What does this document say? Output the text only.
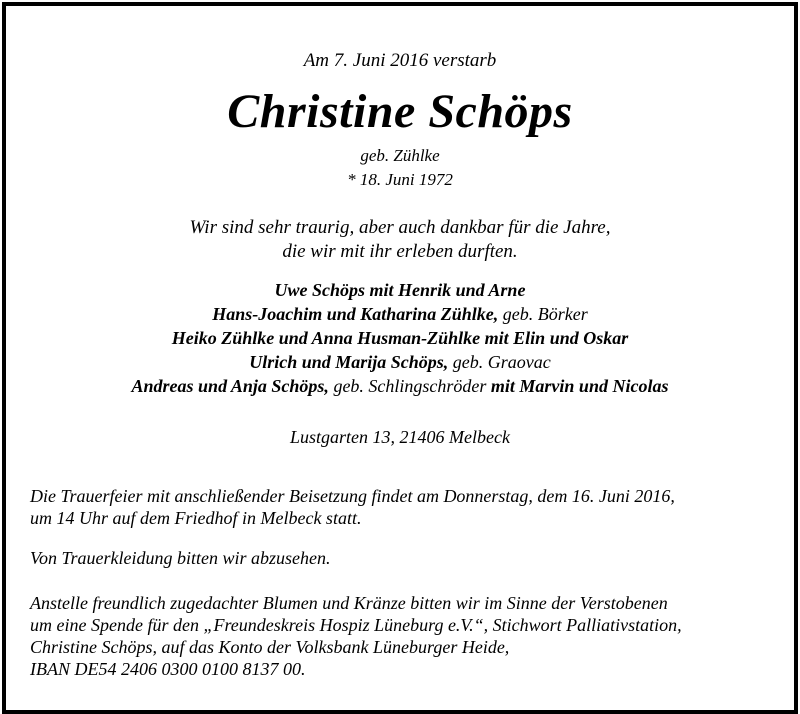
Am 7. Juni 2016 verstarb
Christine Schöps
geb. Zühlke
* 18. Juni 1972
Wir sind sehr traurig, aber auch dankbar für die Jahre,
die wir mit ihr erleben durften.
Uwe Schöps mit Henrik und Arne
Hans-Joachim und Katharina Zühlke, geb. Börker
Heiko Zühlke und Anna Husman-Zühlke mit Elin und Oskar
Ulrich und Marija Schöps, geb. Graovac
Andreas und Anja Schöps, geb. Schlingschröder mit Marvin und Nicolas
Lustgarten 13, 21406 Melbeck
Die Trauerfeier mit anschließender Beisetzung findet am Donnerstag, dem 16. Juni 2016,
um 14 Uhr auf dem Friedhof in Melbeck statt.
Von Trauerkleidung bitten wir abzusehen.
Anstelle freundlich zugedachter Blumen und Kränze bitten wir im Sinne der Verstobenen
um eine Spende für den „Freundeskreis Hospiz Lüneburg e.V.“, Stichwort Palliativstation,
Christine Schöps, auf das Konto der Volksbank Lüneburger Heide,
IBAN DE54 2406 0300 0100 8137 00.
